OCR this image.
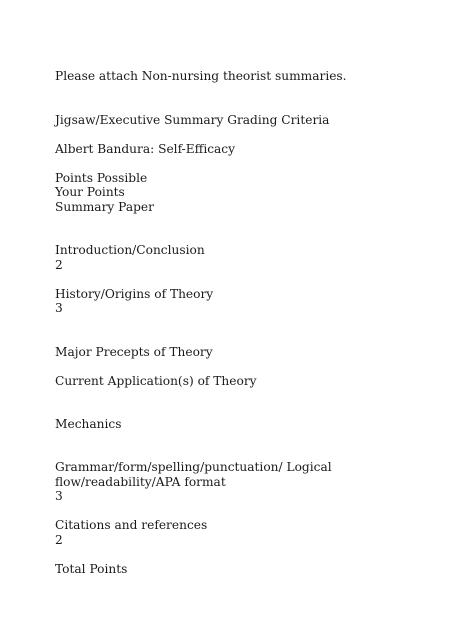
Please attach Non-nursing theorist summaries.
Jigsaw/Executive Summary Grading Criteria
Albert Bandura: Self-Efficacy
Points Possible
Your Points
Summary Paper
Introduction/Conclusion
2
History/Origins of Theory
3
Major Precepts of Theory
Current Application(s) of Theory
Mechanics
Grammar/form/spelling/punctuation/ Logical
flow/readability/APA format
3
Citations and references
2
Total Points
